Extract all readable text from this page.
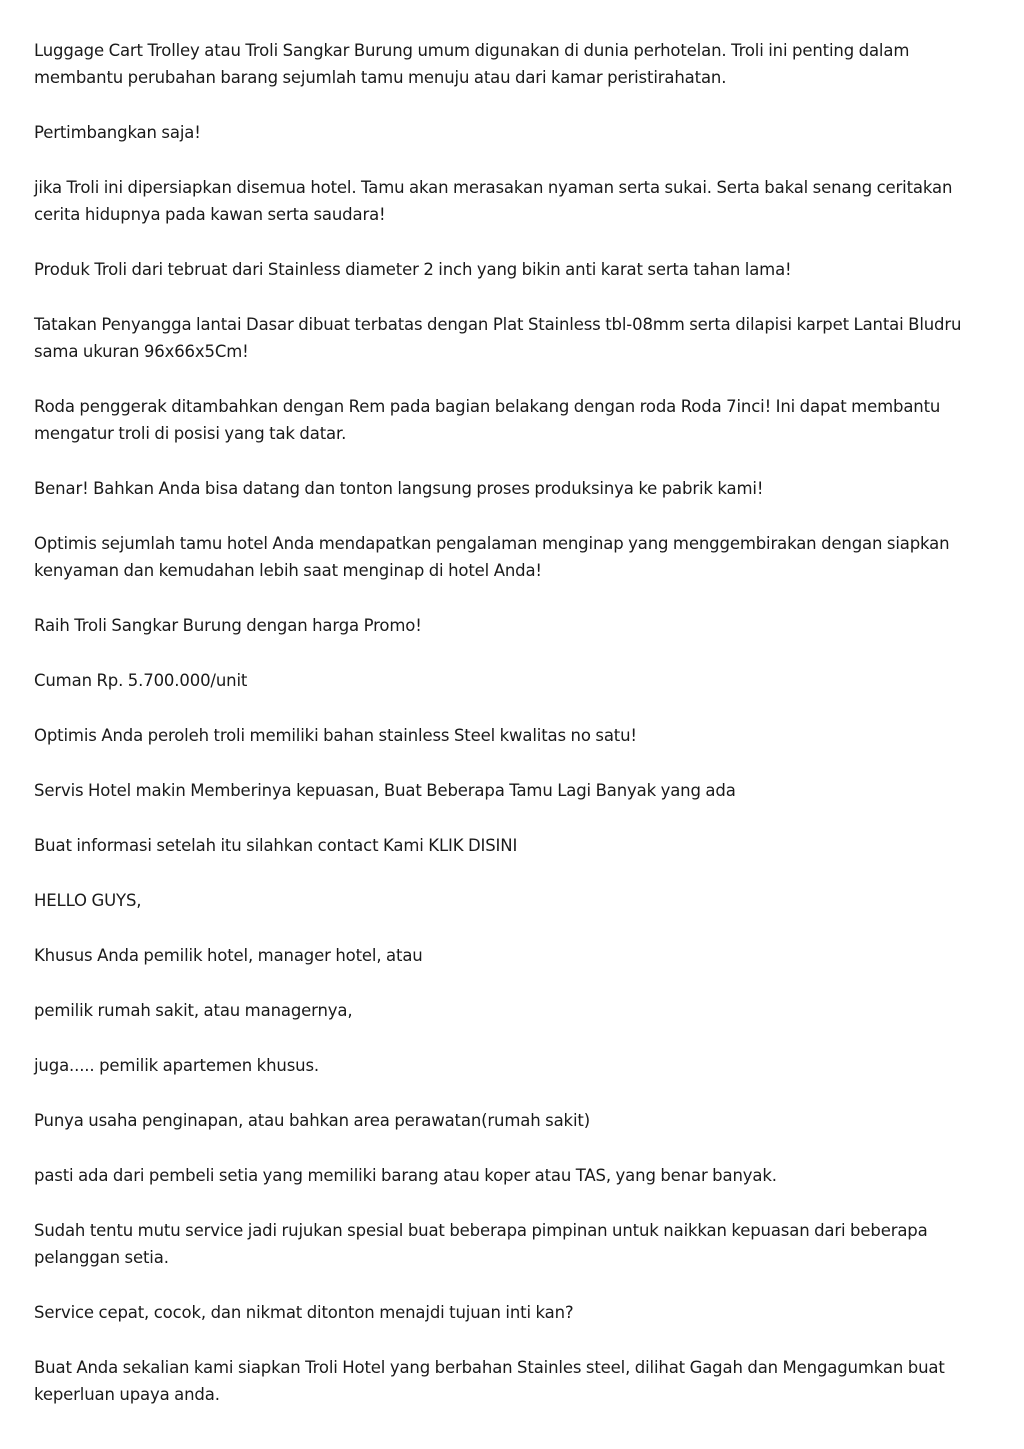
Luggage Cart Trolley atau Troli Sangkar Burung umum digunakan di dunia perhotelan. Troli ini penting dalam membantu perubahan barang sejumlah tamu menuju atau dari kamar peristirahatan.

Pertimbangkan saja!

jika Troli ini dipersiapkan disemua hotel. Tamu akan merasakan nyaman serta sukai. Serta bakal senang ceritakan cerita hidupnya pada kawan serta saudara!

Produk Troli dari tebruat dari Stainless diameter 2 inch yang bikin anti karat serta tahan lama!

Tatakan Penyangga lantai Dasar dibuat terbatas dengan Plat Stainless tbl-08mm serta dilapisi karpet Lantai Bludru sama ukuran 96x66x5Cm!

Roda penggerak ditambahkan dengan Rem pada bagian belakang dengan roda Roda 7inci! Ini dapat membantu mengatur troli di posisi yang tak datar.

Benar! Bahkan Anda bisa datang dan tonton langsung proses produksinya ke pabrik kami!

Optimis sejumlah tamu hotel Anda mendapatkan pengalaman menginap yang menggembirakan dengan siapkan kenyaman dan kemudahan lebih saat menginap di hotel Anda!

Raih Troli Sangkar Burung dengan harga Promo!

Cuman Rp. 5.700.000/unit

Optimis Anda peroleh troli memiliki bahan stainless Steel kwalitas no satu!

Servis Hotel makin Memberinya kepuasan, Buat Beberapa Tamu Lagi Banyak yang ada

Buat informasi setelah itu silahkan contact Kami KLIK DISINI

HELLO GUYS,

Khusus Anda pemilik hotel, manager hotel, atau

pemilik rumah sakit, atau managernya,

juga..... pemilik apartemen khusus.

Punya usaha penginapan, atau bahkan area perawatan(rumah sakit)

pasti ada dari pembeli setia yang memiliki barang atau koper atau TAS, yang benar banyak.

Sudah tentu mutu service jadi rujukan spesial buat beberapa pimpinan untuk naikkan kepuasan dari beberapa pelanggan setia.

Service cepat, cocok, dan nikmat ditonton menajdi tujuan inti kan?

Buat Anda sekalian kami siapkan Troli Hotel yang berbahan Stainles steel, dilihat Gagah dan Mengagumkan buat keperluan upaya anda.
